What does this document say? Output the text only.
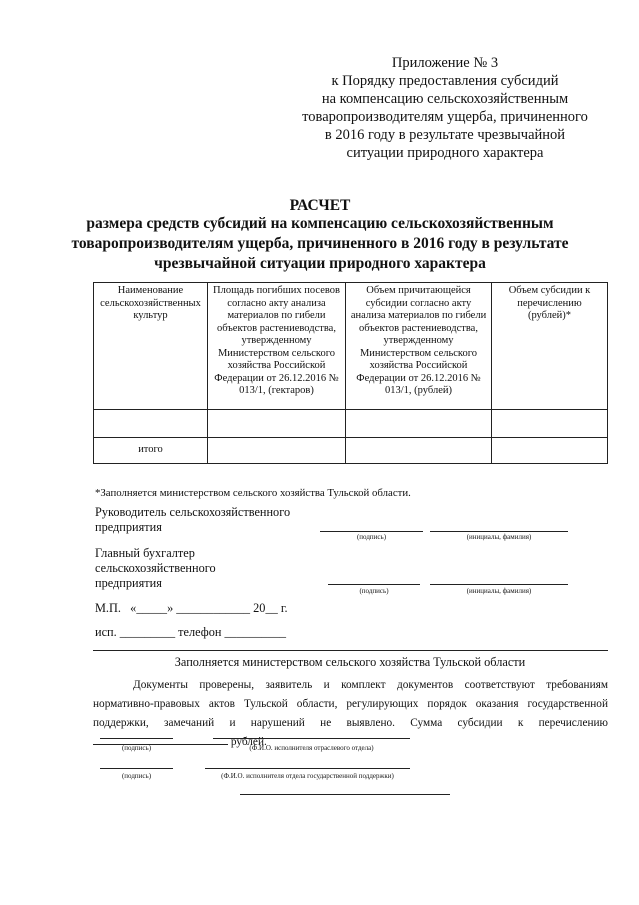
Приложение № 3
к Порядку предоставления субсидий
на компенсацию сельскохозяйственным
товаропроизводителям ущерба, причиненного
в 2016 году в результате чрезвычайной
ситуации природного характера
РАСЧЕТ
размера средств субсидий на компенсацию сельскохозяйственным
товаропроизводителям ущерба, причиненного в 2016 году в результате
чрезвычайной ситуации природного характера
Наименование сельскохозяйственных культур	Площадь погибших посевов согласно акту анализа материалов по гибели объектов растениеводства, утвержденному Министерством сельского хозяйства Российской Федерации от 26.12.2016 № 013/1, (гектаров)	Объем причитающейся субсидии согласно акту анализа материалов по гибели объектов растениеводства, утвержденному Министерством сельского хозяйства Российской Федерации от 26.12.2016 № 013/1, (рублей)	Объем субсидии к перечислению (рублей)*

итого			
*Заполняется министерством сельского хозяйства Тульской области.
Руководитель сельскохозяйственного
предприятия
(подпись)	(инициалы, фамилия)
Главный бухгалтер
сельскохозяйственного
предприятия
(подпись)	(инициалы, фамилия)
М.П.   «_____» ____________ 20__ г.
исп. _________ телефон __________
Заполняется министерством сельского хозяйства Тульской области
Документы проверены, заявитель и комплект документов соответствуют требованиям нормативно-правовых актов Тульской области, регулирующих порядок оказания государственной поддержки, замечаний и нарушений не выявлено. Сумма субсидии к перечислению  рублей.
(подпись)	(Ф.И.О. исполнителя отраслевого отдела)
(подпись)	(Ф.И.О. исполнителя отдела государственной поддержки)
